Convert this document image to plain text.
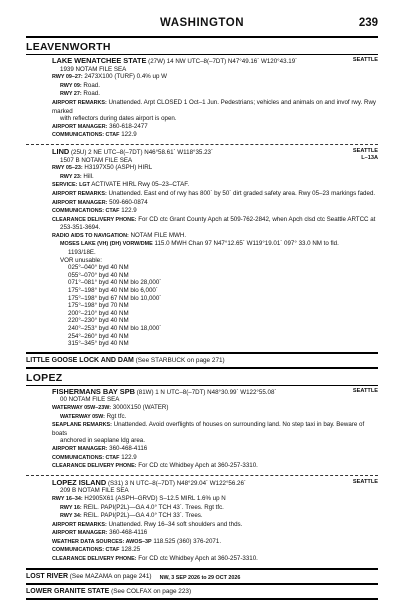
WASHINGTON	239
LEAVENWORTH
SEATTLE
LAKE WENATCHEE STATE (27W) 14 NW UTC–8(–7DT) N47°49.16´ W120°43.19´
1939 NOTAM FILE SEA
RWY 09–27: 2473X100 (TURF) 0.4% up W
RWY 09: Road.
RWY 27: Road.
AIRPORT REMARKS: Unattended. Arpt CLOSED 1 Oct–1 Jun. Pedestrians; vehicles and animals on and invof rwy. Rwy marked
with reflectors during dates airport is open.
AIRPORT MANAGER: 360-618-2477
COMMUNICATIONS: CTAF 122.9
SEATTLE
L–13A
LIND (25U) 2 NE UTC–8(–7DT) N46°58.61´ W118°35.23´
1507 B NOTAM FILE SEA
RWY 05–23: H3197X50 (ASPH) HIRL
RWY 23: Hill.
SERVICE: LGT ACTIVATE HIRL Rwy 05–23–CTAF.
AIRPORT REMARKS: Unattended. East end of rwy has 800´ by 50´ dirt graded safety area. Rwy 05–23 markings faded.
AIRPORT MANAGER: 509-660-0874
COMMUNICATIONS: CTAF 122.9
CLEARANCE DELIVERY PHONE: For CD ctc Grant County Apch at 509-762-2842, when Apch clsd ctc Seattle ARTCC at
253-351-3694.
RADIO AIDS TO NAVIGATION: NOTAM FILE MWH.
MOSES LAKE (VH) (DH) VORW/DME 115.0 MWH Chan 97 N47°12.65´ W119°19.01´ 097° 33.0 NM to fld.
1193/18E.
VOR unusable:
025°–040° byd 40 NM
055°–070° byd 40 NM
071°–081° byd 40 NM blo 28,000´
175°–198° byd 40 NM blo 6,000´
175°–198° byd 67 NM blo 10,000´
175°–198° byd 70 NM
200°–210° byd 40 NM
220°–230° byd 40 NM
240°–253° byd 40 NM blo 18,000´
254°–260° byd 40 NM
315°–345° byd 40 NM
LITTLE GOOSE LOCK AND DAM (See STARBUCK on page 271)
LOPEZ
SEATTLE
FISHERMANS BAY SPB (81W) 1 N UTC–8(–7DT) N48°30.99´ W122°55.08´
00 NOTAM FILE SEA
WATERWAY 05W–23W: 3000X150 (WATER)
WATERWAY 05W: Rgt tfc.
SEAPLANE REMARKS: Unattended. Avoid overflights of houses on surrounding land. No step taxi in bay. Beware of boats
anchored in seaplane ldg area.
AIRPORT MANAGER: 360-468-4116
COMMUNICATIONS: CTAF 122.9
CLEARANCE DELIVERY PHONE: For CD ctc Whidbey Apch at 360-257-3310.
SEATTLE
LOPEZ ISLAND (S31) 3 N UTC–8(–7DT) N48°29.04´ W122°56.26´
209 B NOTAM FILE SEA
RWY 16–34: H2905X61 (ASPH–GRVD) S–12.5 MIRL 1.6% up N
RWY 16: REIL. PAPI(P2L)—GA 4.0° TCH 43´. Trees. Rgt tfc.
RWY 34: REIL. PAPI(P2L)—GA 4.0° TCH 33´. Trees.
AIRPORT REMARKS: Unattended. Rwy 16–34 soft shoulders and thds.
AIRPORT MANAGER: 360-468-4116
WEATHER DATA SOURCES: AWOS–3P 118.525 (360) 376-2071.
COMMUNICATIONS: CTAF 128.25
CLEARANCE DELIVERY PHONE: For CD ctc Whidbey Apch at 360-257-3310.
LOST RIVER (See MAZAMA on page 241)
LOWER GRANITE STATE (See COLFAX on page 223)
NW, 3 SEP 2026 to 29 OCT 2026
